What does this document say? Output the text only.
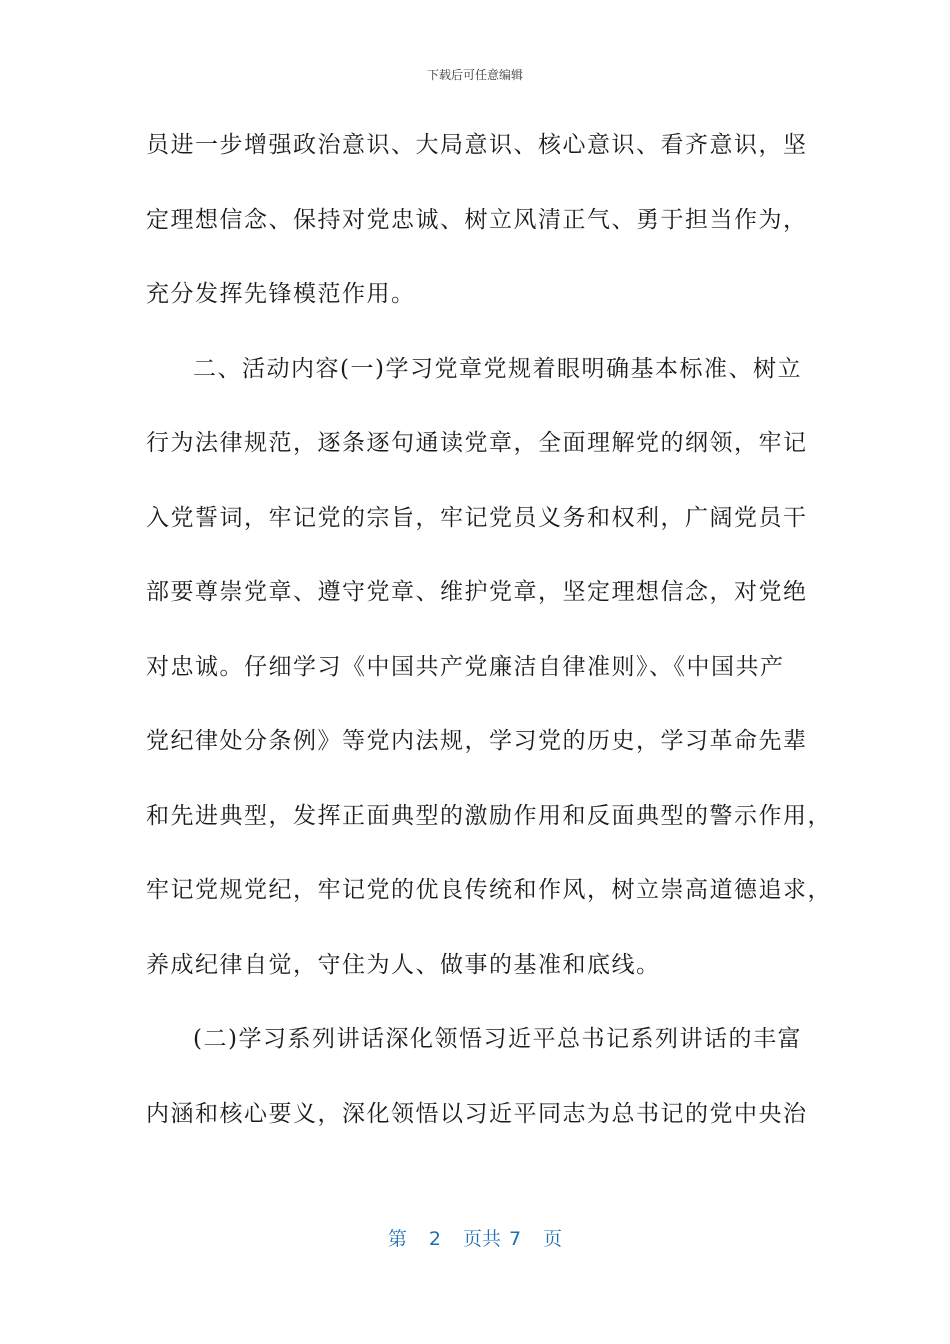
下载后可任意编辑
员进一步增强政治意识、大局意识、核心意识、看齐意识，坚
定理想信念、保持对党忠诚、树立风清正气、勇于担当作为，
充分发挥先锋模范作用。
二、活动内容(一)学习党章党规着眼明确基本标准、树立
行为法律规范，逐条逐句通读党章，全面理解党的纲领，牢记
入党誓词，牢记党的宗旨，牢记党员义务和权利，广阔党员干
部要尊崇党章、遵守党章、维护党章，坚定理想信念，对党绝
对忠诚。仔细学习《中国共产党廉洁自律准则》、《中国共产
党纪律处分条例》等党内法规，学习党的历史，学习革命先辈
和先进典型，发挥正面典型的激励作用和反面典型的警示作用，
牢记党规党纪，牢记党的优良传统和作风，树立崇高道德追求，
养成纪律自觉，守住为人、做事的基准和底线。
(二)学习系列讲话深化领悟习近平总书记系列讲话的丰富
内涵和核心要义，深化领悟以习近平同志为总书记的党中央治
第 2 页共 7 页
